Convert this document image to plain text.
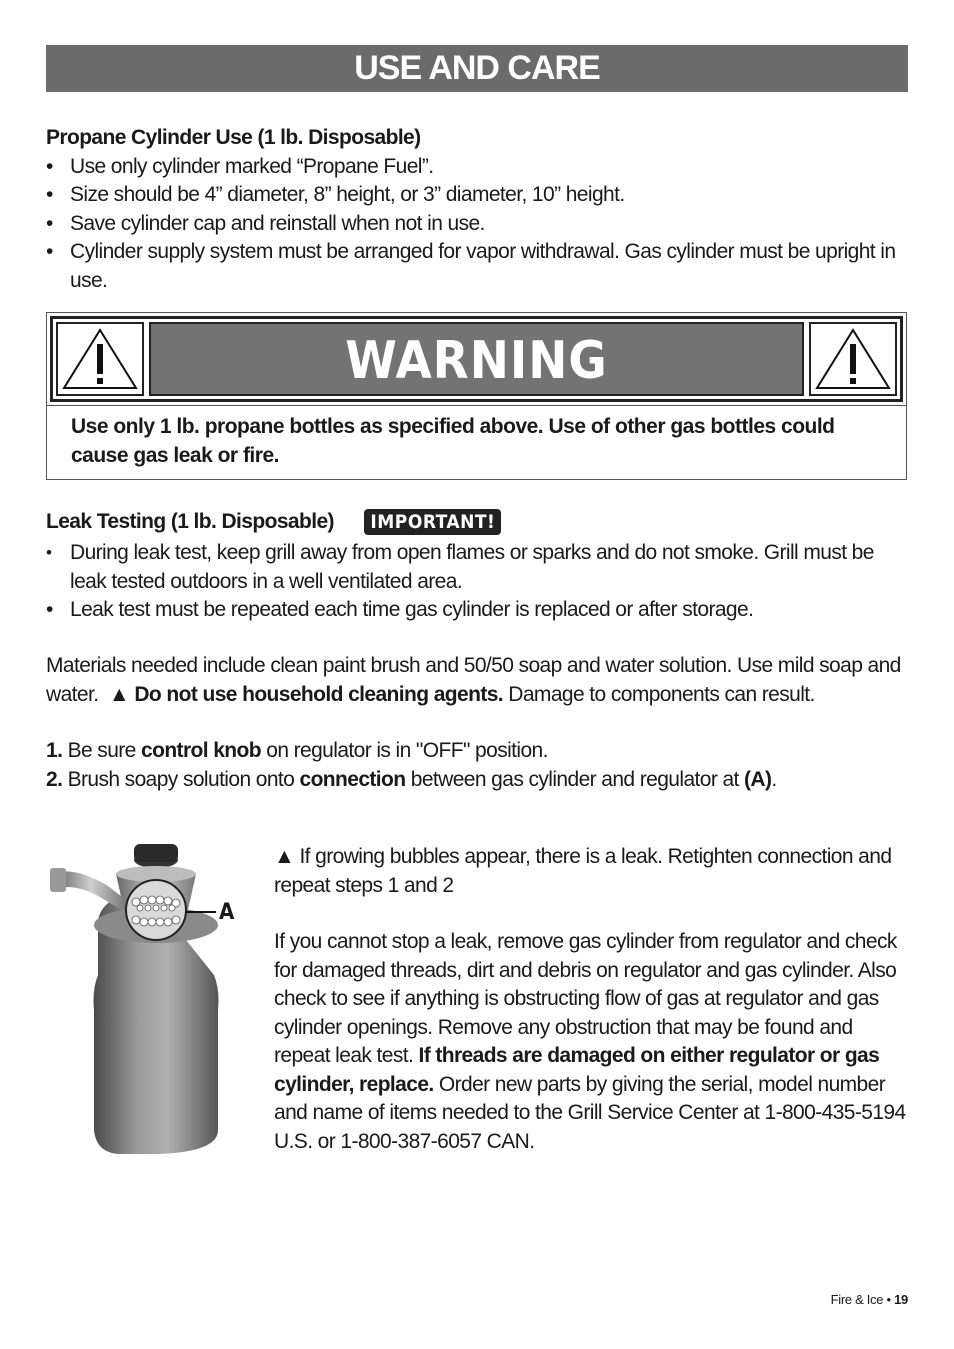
USE AND CARE
Propane Cylinder Use (1 lb. Disposable)
• Use only cylinder marked “Propane Fuel”.
• Size should be 4” diameter, 8” height, or 3” diameter, 10” height.
• Save cylinder cap and reinstall when not in use.
• Cylinder supply system must be arranged for vapor withdrawal. Gas cylinder must be upright in use.
WARNING
Use only 1 lb. propane bottles as specified above. Use of other gas bottles could cause gas leak or fire.
Leak Testing (1 lb. Disposable) IMPORTANT!
• During leak test, keep grill away from open flames or sparks and do not smoke. Grill must be leak tested outdoors in a well ventilated area.
• Leak test must be repeated each time gas cylinder is replaced or after storage.
Materials needed include clean paint brush and 50/50 soap and water solution. Use mild soap and water. ▲ Do not use household cleaning agents. Damage to components can result.
1. Be sure control knob on regulator is in "OFF" position.
2. Brush soapy solution onto connection between gas cylinder and regulator at (A).
A
▲ If growing bubbles appear, there is a leak. Retighten connection and repeat steps 1 and 2
If you cannot stop a leak, remove gas cylinder from regulator and check for damaged threads, dirt and debris on regulator and gas cylinder. Also check to see if anything is obstructing flow of gas at regulator and gas cylinder openings. Remove any obstruction that may be found and repeat leak test. If threads are damaged on either regulator or gas cylinder, replace. Order new parts by giving the serial, model number and name of items needed to the Grill Service Center at 1-800-435-5194 U.S. or 1-800-387-6057 CAN.
Fire & Ice • 19
